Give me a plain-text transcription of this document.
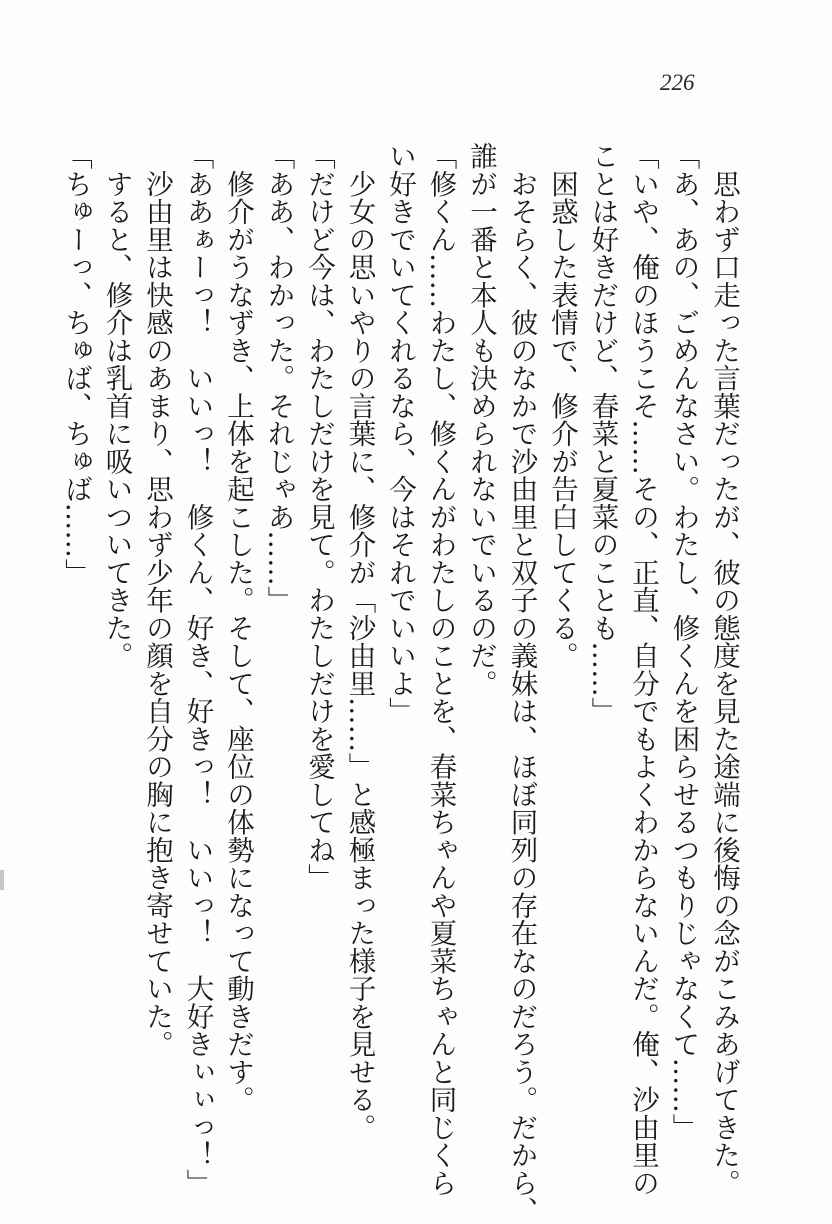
226
　思わず口走った言葉だったが、彼の態度を見た途端に後悔の念がこみあげてきた。
「あ、あの、ごめんなさい。わたし、修くんを困らせるつもりじゃなくて……」
「いや、俺のほうこそ……その、正直、自分でもよくわからないんだ。俺、沙由里の
ことは好きだけど、春菜と夏菜のことも……」
　困惑した表情で、修介が告白してくる。
　おそらく、彼のなかで沙由里と双子の義妹は、ほぼ同列の存在なのだろう。だから、
誰が一番と本人も決められないでいるのだ。
「修くん……わたし、修くんがわたしのことを、春菜ちゃんや夏菜ちゃんと同じくら
い好きでいてくれるなら、今はそれでいいよ」
　少女の思いやりの言葉に、修介が「沙由里……」と感極まった様子を見せる。
「だけど今は、わたしだけを見て。わたしだけを愛してね」
「ああ、わかった。それじゃあ……」
　修介がうなずき、上体を起こした。そして、座位の体勢になって動きだす。
「ああぁーっ！　いいっ！　修くん、好き、好きっ！　いいっ！　大好きぃぃっ！」
　沙由里は快感のあまり、思わず少年の顔を自分の胸に抱き寄せていた。
　すると、修介は乳首に吸いついてきた。
「ちゅーっ、ちゅば、ちゅば……」
